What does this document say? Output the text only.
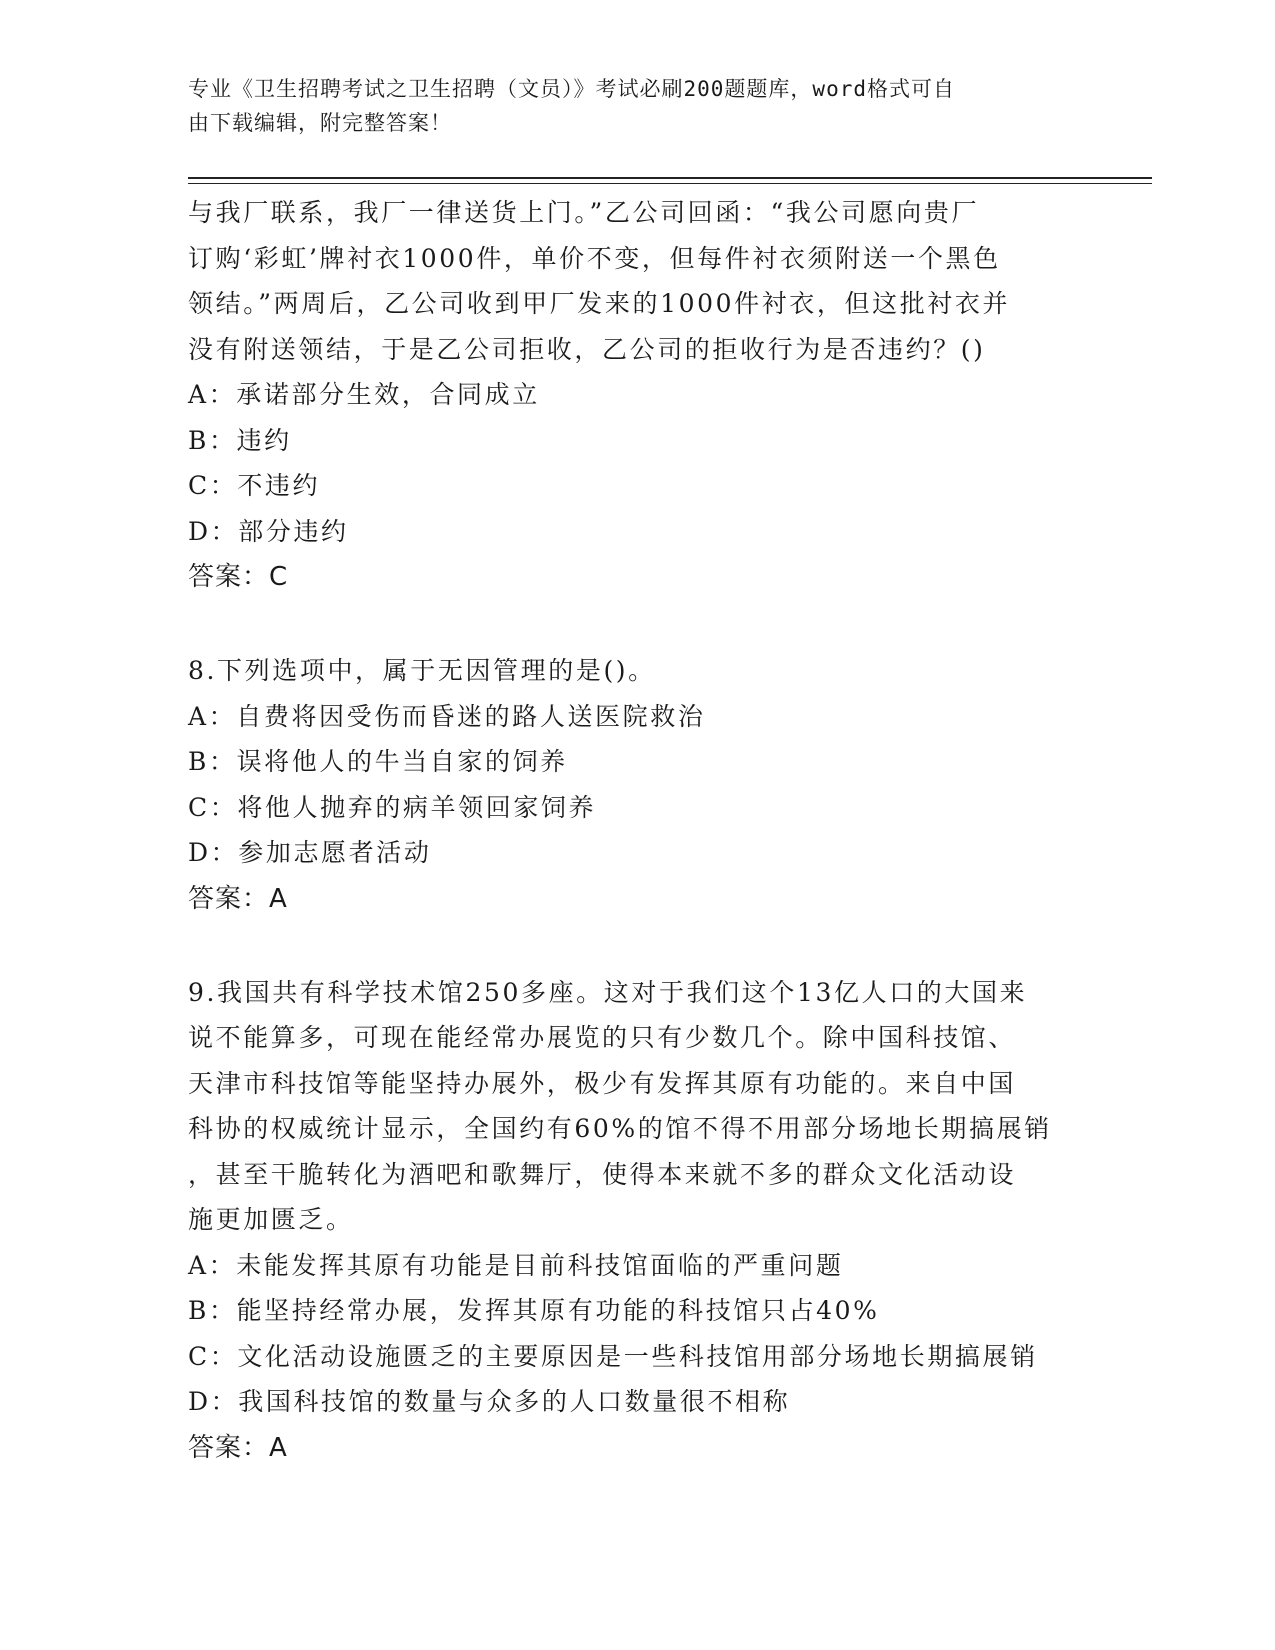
专业《卫生招聘考试之卫生招聘（文员）》考试必刷200题题库，word格式可自
由下载编辑，附完整答案！
与我厂联系，我厂一律送货上门。”乙公司回函：“我公司愿向贵厂
订购‘彩虹’牌衬衣1000件，单价不变，但每件衬衣须附送一个黑色
领结。”两周后，乙公司收到甲厂发来的1000件衬衣，但这批衬衣并
没有附送领结，于是乙公司拒收，乙公司的拒收行为是否违约？()
A：承诺部分生效，合同成立
B：违约
C：不违约
D：部分违约
答案：C
8.下列选项中，属于无因管理的是()。
A：自费将因受伤而昏迷的路人送医院救治
B：误将他人的牛当自家的饲养
C：将他人抛弃的病羊领回家饲养
D：参加志愿者活动
答案：A
9.我国共有科学技术馆250多座。这对于我们这个13亿人口的大国来
说不能算多，可现在能经常办展览的只有少数几个。除中国科技馆、
天津市科技馆等能坚持办展外，极少有发挥其原有功能的。来自中国
科协的权威统计显示，全国约有60%的馆不得不用部分场地长期搞展销
，甚至干脆转化为酒吧和歌舞厅，使得本来就不多的群众文化活动设
施更加匮乏。
A：未能发挥其原有功能是目前科技馆面临的严重问题
B：能坚持经常办展，发挥其原有功能的科技馆只占40%
C：文化活动设施匮乏的主要原因是一些科技馆用部分场地长期搞展销
D：我国科技馆的数量与众多的人口数量很不相称
答案：A
